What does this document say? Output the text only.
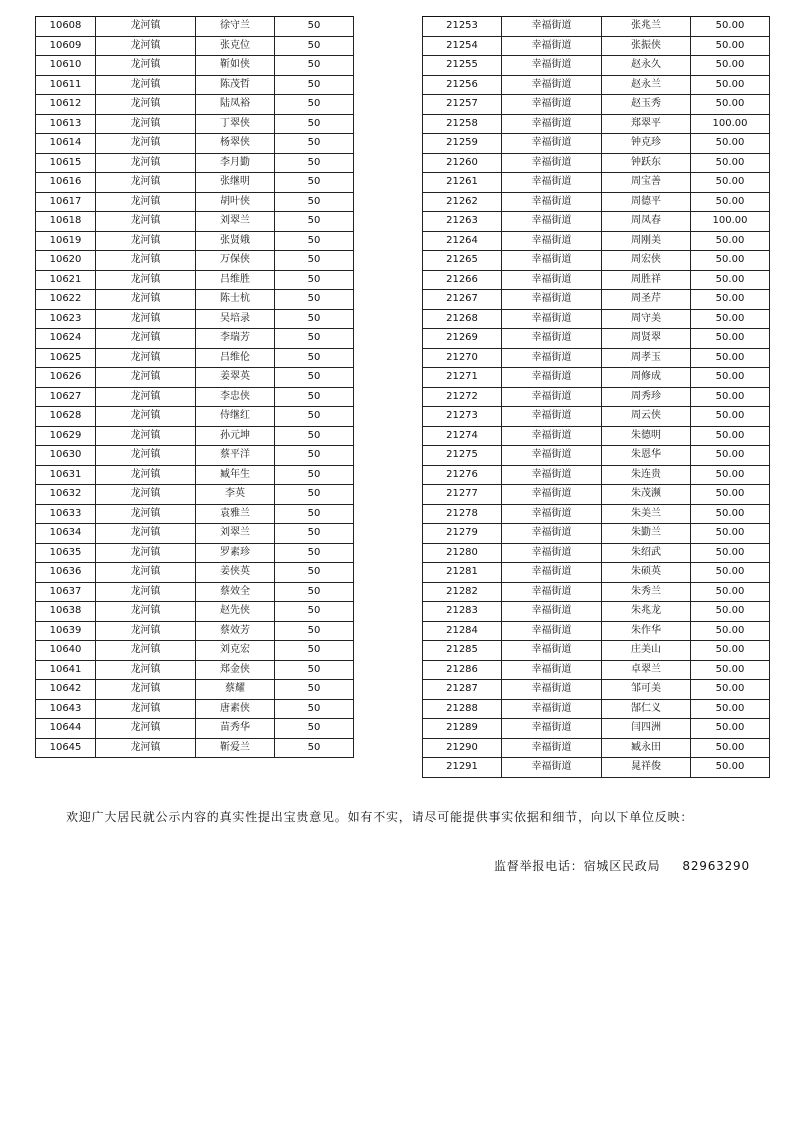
10608	龙河镇	徐守兰	50
10609	龙河镇	张克位	50
10610	龙河镇	靳如侠	50
10611	龙河镇	陈茂哲	50
10612	龙河镇	陆凤裕	50
10613	龙河镇	丁翠侠	50
10614	龙河镇	杨翠侠	50
10615	龙河镇	李月勤	50
10616	龙河镇	张继明	50
10617	龙河镇	胡叶侠	50
10618	龙河镇	刘翠兰	50
10619	龙河镇	张贤娥	50
10620	龙河镇	万保侠	50
10621	龙河镇	吕维胜	50
10622	龙河镇	陈士杭	50
10623	龙河镇	吴培录	50
10624	龙河镇	李瑞芳	50
10625	龙河镇	吕维伦	50
10626	龙河镇	姜翠英	50
10627	龙河镇	李忠侠	50
10628	龙河镇	侍继红	50
10629	龙河镇	孙元坤	50
10630	龙河镇	蔡平洋	50
10631	龙河镇	臧年生	50
10632	龙河镇	李英	50
10633	龙河镇	袁雅兰	50
10634	龙河镇	刘翠兰	50
10635	龙河镇	罗素珍	50
10636	龙河镇	姜侠英	50
10637	龙河镇	蔡效全	50
10638	龙河镇	赵先侠	50
10639	龙河镇	蔡效芳	50
10640	龙河镇	刘克宏	50
10641	龙河镇	郑金侠	50
10642	龙河镇	蔡耀	50
10643	龙河镇	唐素侠	50
10644	龙河镇	苗秀华	50
10645	龙河镇	靳爱兰	50
21253	幸福街道	张兆兰	50.00
21254	幸福街道	张振侠	50.00
21255	幸福街道	赵永久	50.00
21256	幸福街道	赵永兰	50.00
21257	幸福街道	赵玉秀	50.00
21258	幸福街道	郑翠平	100.00
21259	幸福街道	钟克珍	50.00
21260	幸福街道	钟跃东	50.00
21261	幸福街道	周宝善	50.00
21262	幸福街道	周德平	50.00
21263	幸福街道	周凤春	100.00
21264	幸福街道	周刚美	50.00
21265	幸福街道	周宏侠	50.00
21266	幸福街道	周胜祥	50.00
21267	幸福街道	周圣芹	50.00
21268	幸福街道	周守美	50.00
21269	幸福街道	周贤翠	50.00
21270	幸福街道	周孝玉	50.00
21271	幸福街道	周修成	50.00
21272	幸福街道	周秀珍	50.00
21273	幸福街道	周云侠	50.00
21274	幸福街道	朱德明	50.00
21275	幸福街道	朱恩华	50.00
21276	幸福街道	朱连贵	50.00
21277	幸福街道	朱茂濒	50.00
21278	幸福街道	朱美兰	50.00
21279	幸福街道	朱勤兰	50.00
21280	幸福街道	朱绍武	50.00
21281	幸福街道	朱硕英	50.00
21282	幸福街道	朱秀兰	50.00
21283	幸福街道	朱兆龙	50.00
21284	幸福街道	朱作华	50.00
21285	幸福街道	庄美山	50.00
21286	幸福街道	卓翠兰	50.00
21287	幸福街道	邹可美	50.00
21288	幸福街道	郜仁义	50.00
21289	幸福街道	闫四洲	50.00
21290	幸福街道	臧永田	50.00
21291	幸福街道	晁祥俊	50.00
欢迎广大居民就公示内容的真实性提出宝贵意见。如有不实，请尽可能提供事实依据和细节，向以下单位反映：
监督举报电话：宿城区民政局 82963290
